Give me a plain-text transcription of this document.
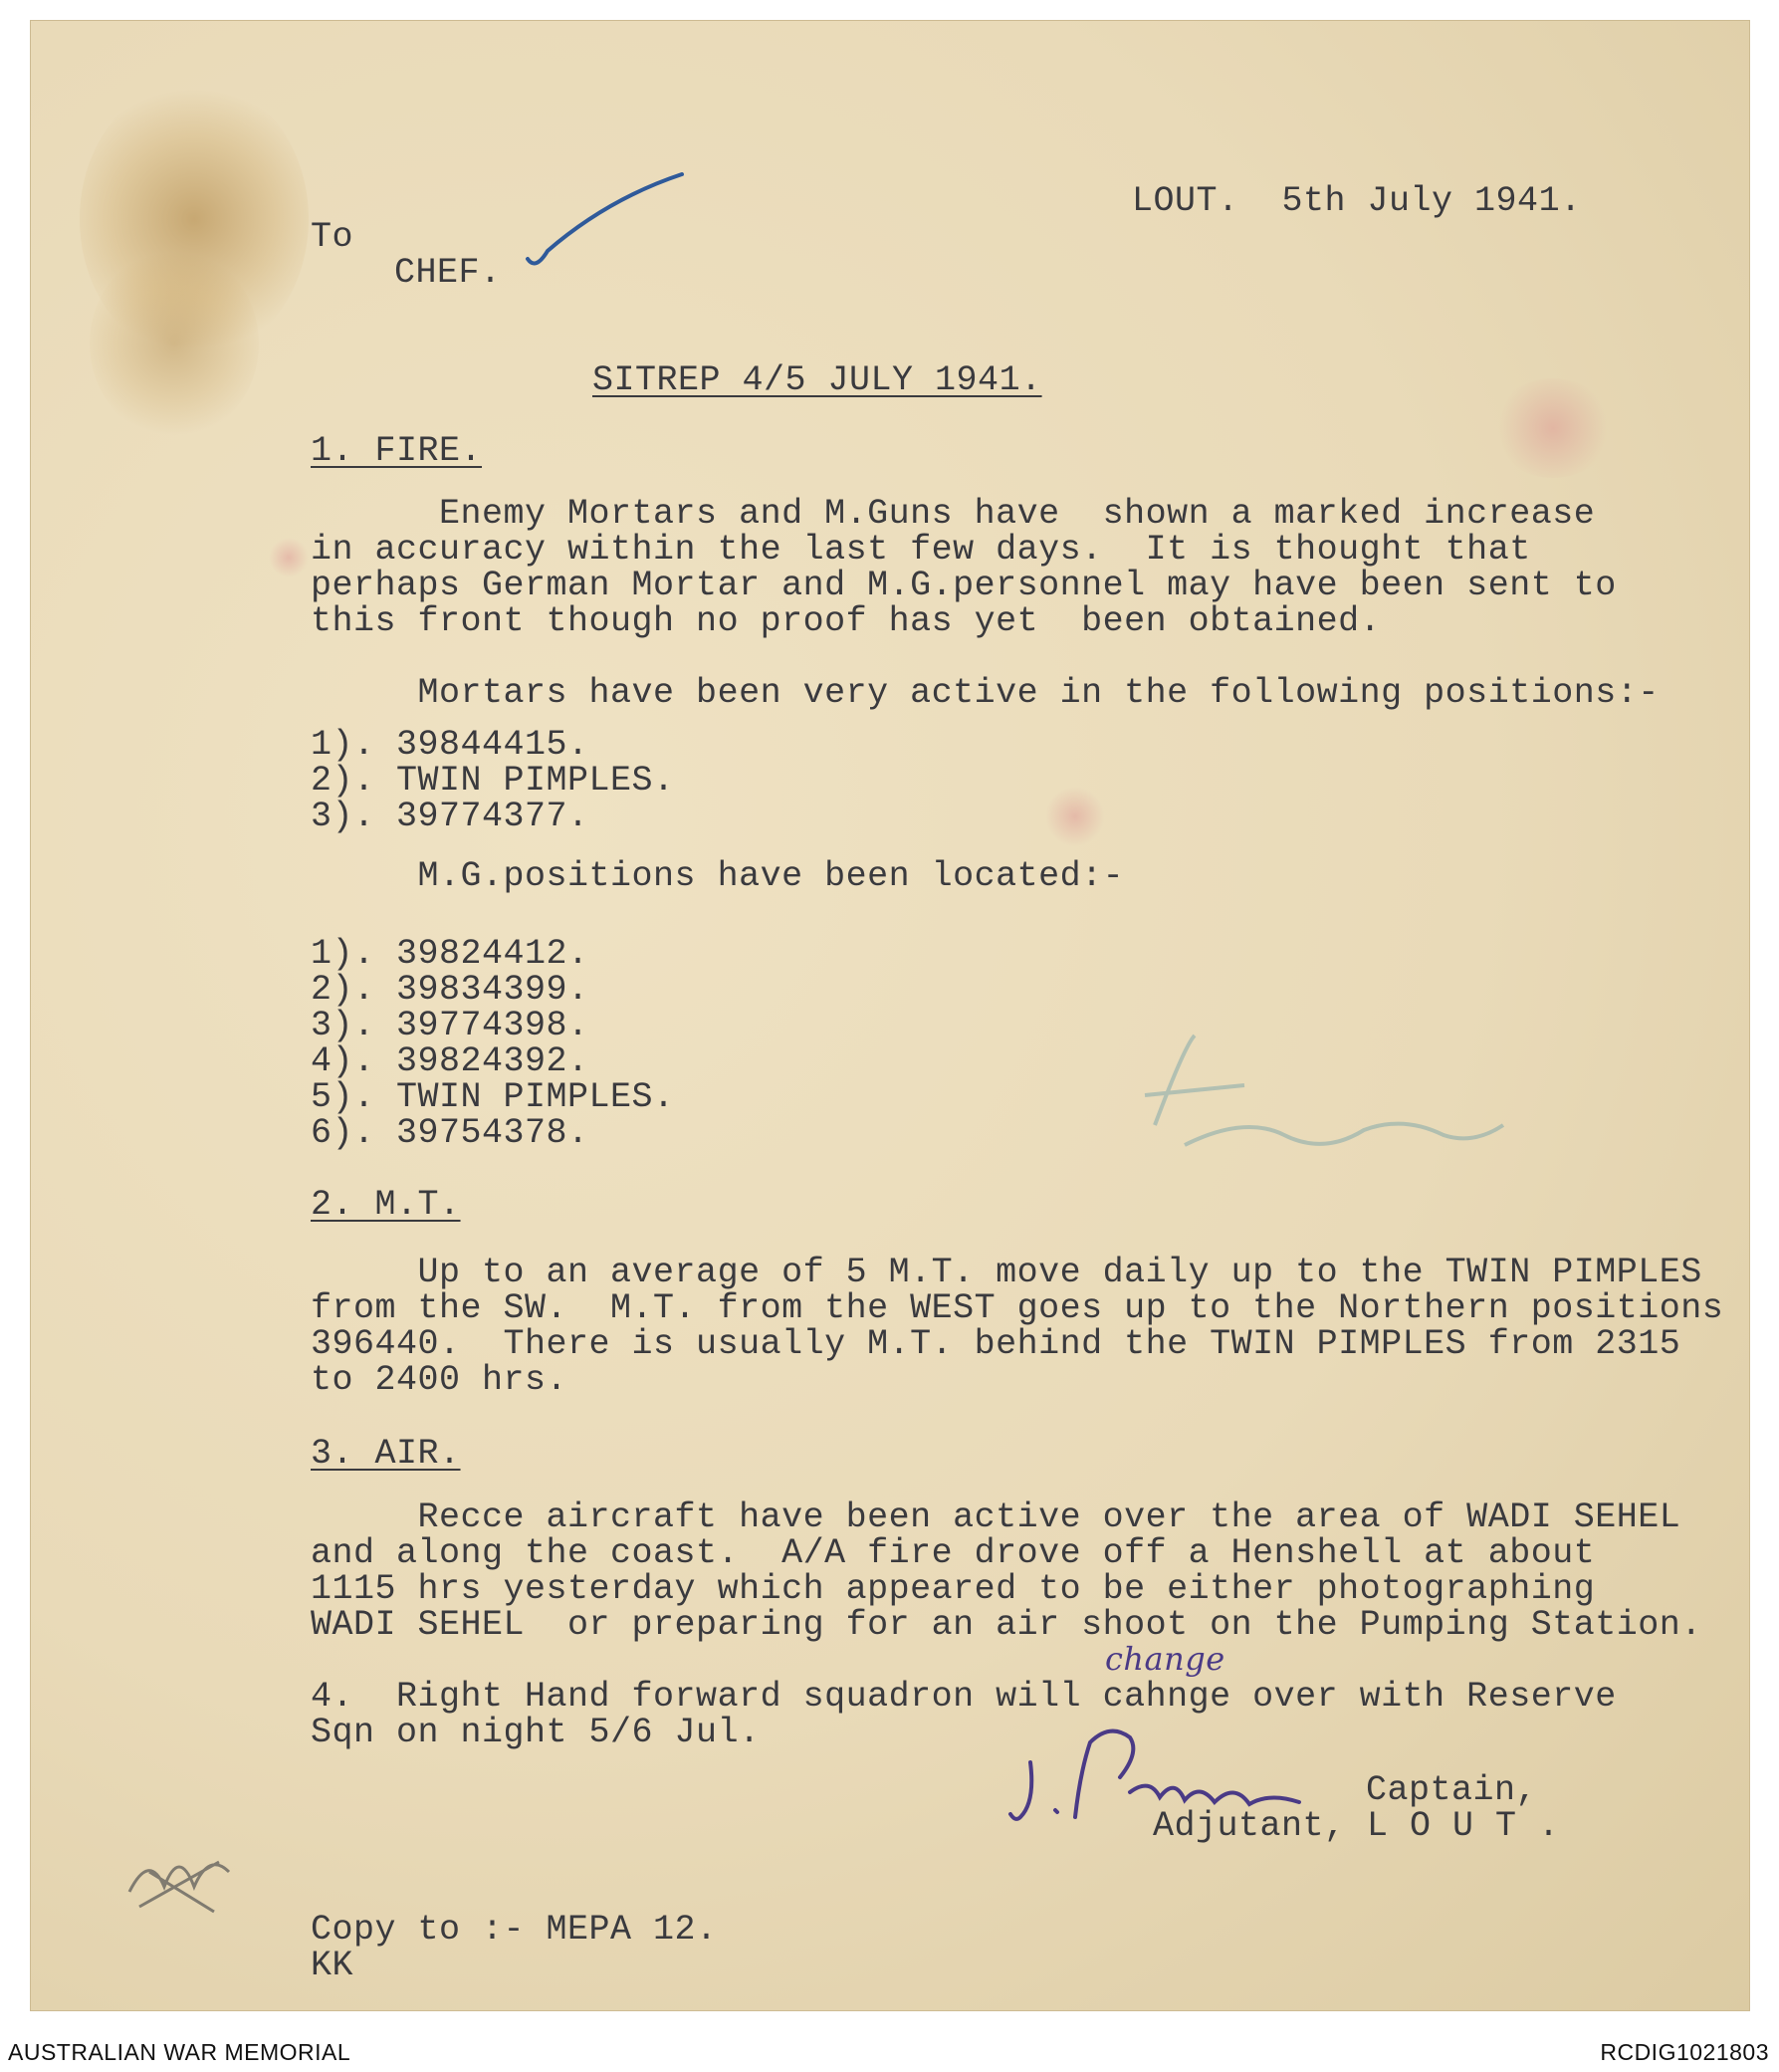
LOUT.  5th July 1941.
To
CHEF.
SITREP 4/5 JULY 1941.
1. FIRE.
Enemy Mortars and M.Guns have  shown a marked increase
in accuracy within the last few days.  It is thought that
perhaps German Mortar and M.G.personnel may have been sent to
this front though no proof has yet  been obtained.
Mortars have been very active in the following positions:-
1). 39844415.
2). TWIN PIMPLES.
3). 39774377.
M.G.positions have been located:-
1). 39824412.
2). 39834399.
3). 39774398.
4). 39824392.
5). TWIN PIMPLES.
6). 39754378.
2. M.T.
Up to an average of 5 M.T. move daily up to the TWIN PIMPLES
from the SW.  M.T. from the WEST goes up to the Northern positions
396440.  There is usually M.T. behind the TWIN PIMPLES from 2315
to 2400 hrs.
3. AIR.
Recce aircraft have been active over the area of WADI SEHEL
and along the coast.  A/A fire drove off a Henshell at about
1115 hrs yesterday which appeared to be either photographing
WADI SEHEL  or preparing for an air shoot on the Pumping Station.
change
4.  Right Hand forward squadron will cahnge over with Reserve
Sqn on night 5/6 Jul.
Captain,
Adjutant, L O U T .
Copy to :- MEPA 12.
KK
AUSTRALIAN WAR MEMORIAL	RCDIG1021803
